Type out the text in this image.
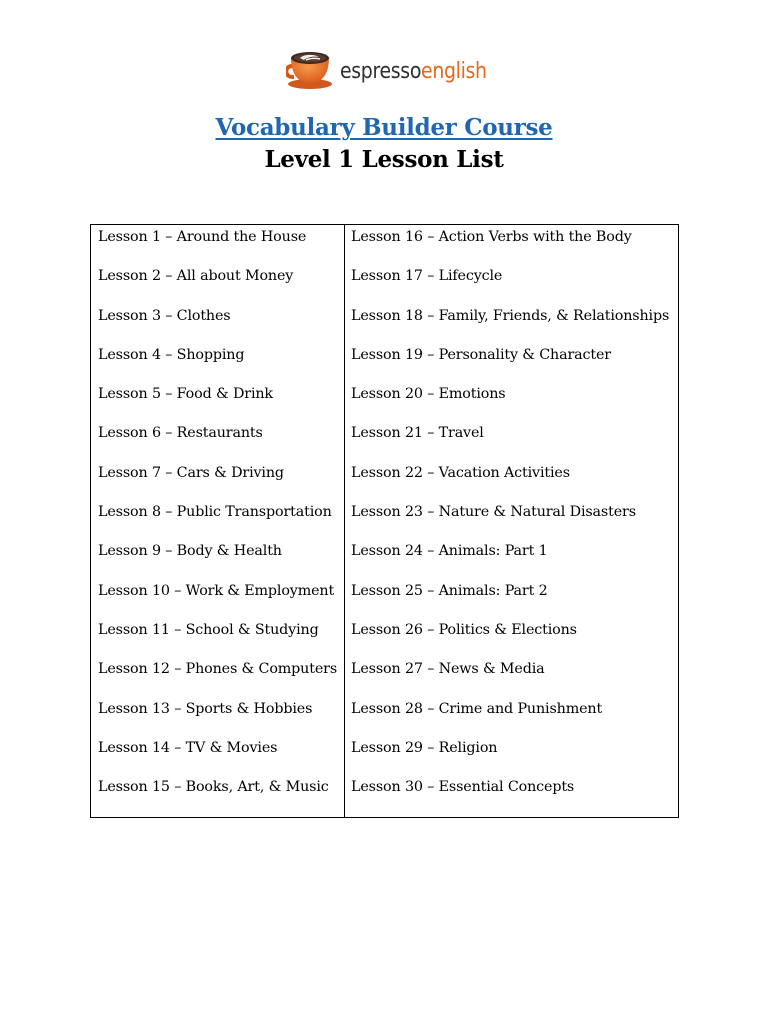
espressoenglish
Vocabulary Builder Course
Level 1 Lesson List
Lesson 1 – Around the House
Lesson 2 – All about Money
Lesson 3 – Clothes
Lesson 4 – Shopping
Lesson 5 – Food & Drink
Lesson 6 – Restaurants
Lesson 7 – Cars & Driving
Lesson 8 – Public Transportation
Lesson 9 – Body & Health
Lesson 10 – Work & Employment
Lesson 11 – School & Studying
Lesson 12 – Phones & Computers
Lesson 13 – Sports & Hobbies
Lesson 14 – TV & Movies
Lesson 15 – Books, Art, & Music
Lesson 16 – Action Verbs with the Body
Lesson 17 – Lifecycle
Lesson 18 – Family, Friends, & Relationships
Lesson 19 – Personality & Character
Lesson 20 – Emotions
Lesson 21 – Travel
Lesson 22 – Vacation Activities
Lesson 23 – Nature & Natural Disasters
Lesson 24 – Animals: Part 1
Lesson 25 – Animals: Part 2
Lesson 26 – Politics & Elections
Lesson 27 – News & Media
Lesson 28 – Crime and Punishment
Lesson 29 – Religion
Lesson 30 – Essential Concepts
